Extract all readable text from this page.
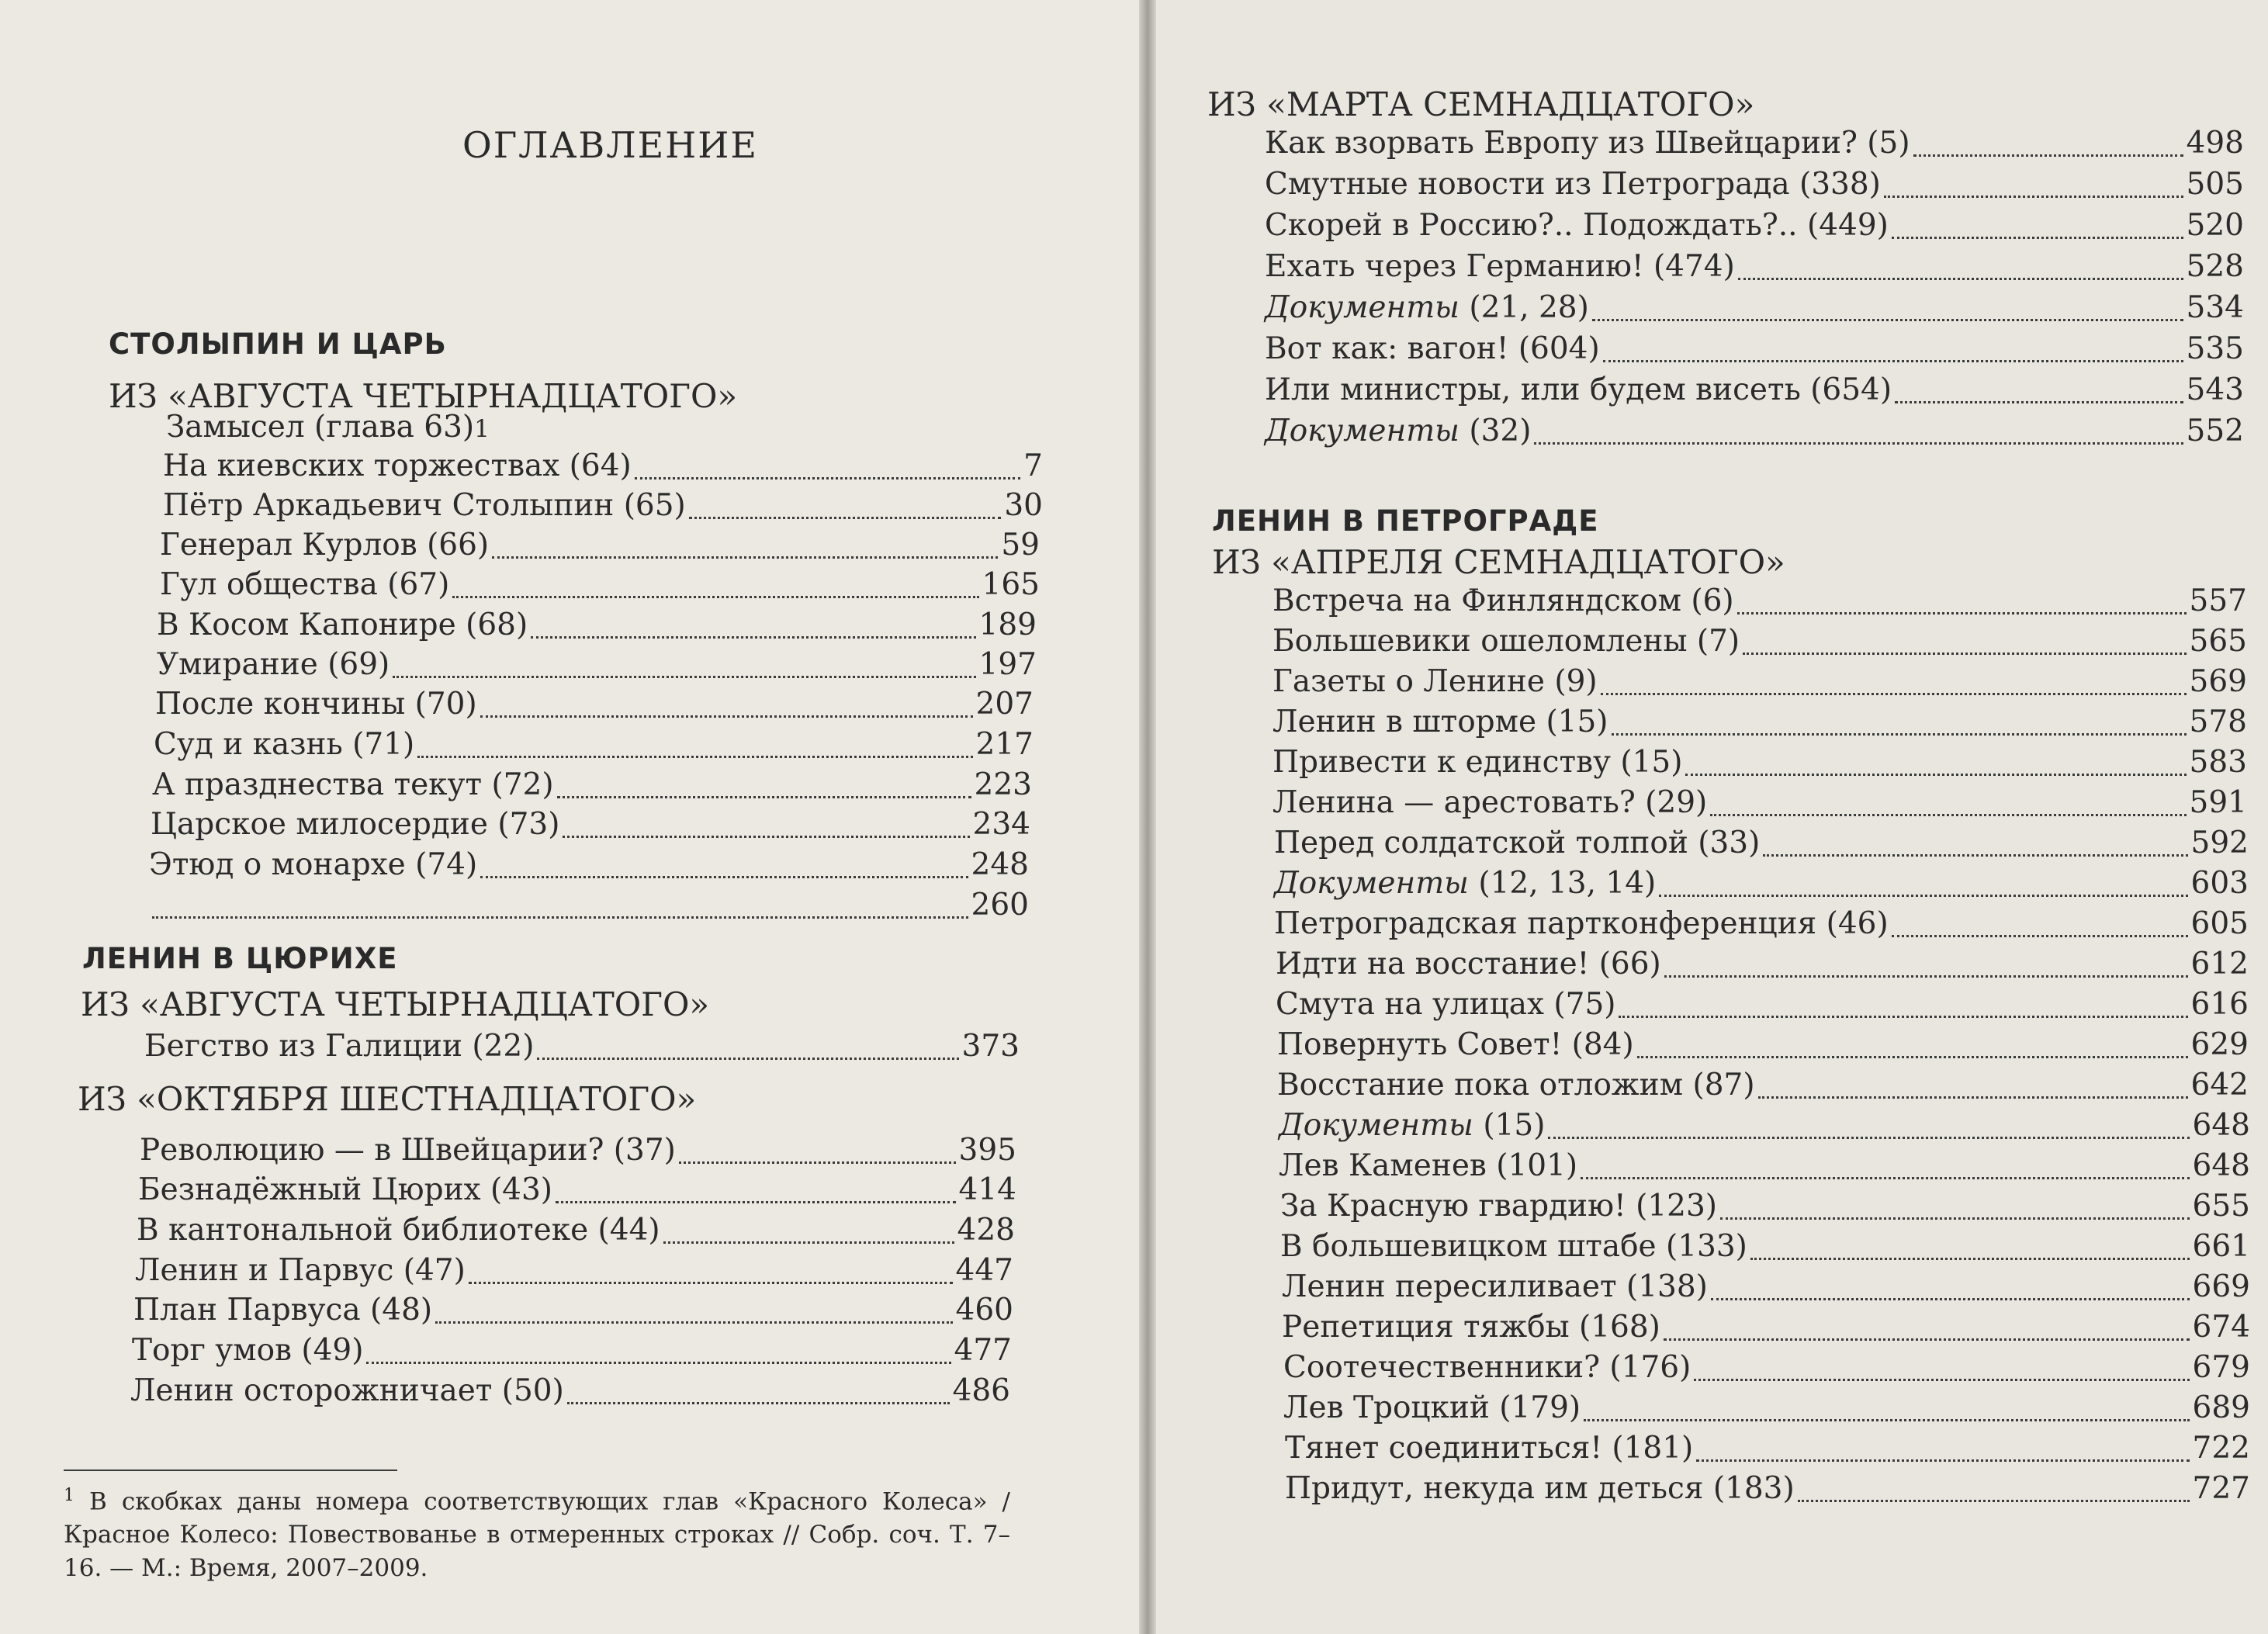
ОГЛАВЛЕНИЕ
СТОЛЫПИН И ЦАРЬ
ИЗ «АВГУСТА ЧЕТЫРНАДЦАТОГО»
Замысел (глава 63) 1
На киевских торжествах (64)	7
Пётр Аркадьевич Столыпин (65)	30
Генерал Курлов (66)	59
Гул общества (67)	165
В Косом Капонире (68)	189
Умирание (69)	197
После кончины (70)	207
Суд и казнь (71)	217
А празднества текут (72)	223
Царское милосердие (73)	234
Этюд о монархе (74)	248
260
ЛЕНИН В ЦЮРИХЕ
ИЗ «АВГУСТА ЧЕТЫРНАДЦАТОГО»
Бегство из Галиции (22)	373
ИЗ «ОКТЯБРЯ ШЕСТНАДЦАТОГО»
Революцию — в Швейцарии? (37)	395
Безнадёжный Цюрих (43)	414
В кантональной библиотеке (44)	428
Ленин и Парвус (47)	447
План Парвуса (48)	460
Торг умов (49)	477
Ленин осторожничает (50)	486
$^1$ В скобках даны номера соответствующих глав «Красного Колеса» / Красное Колесо: Повествованье в отмеренных строках // Собр. соч. Т. 7–16. — М.: Время, 2007–2009.
ИЗ «МАРТА СЕМНАДЦАТОГО»
Как взорвать Европу из Швейцарии? (5)	498
Смутные новости из Петрограда (338)	505
Скорей в Россию?.. Подождать?.. (449)	520
Ехать через Германию! (474)	528
Документы (21, 28)	534
Вот как: вагон! (604)	535
Или министры, или будем висеть (654)	543
Документы (32)	552
ЛЕНИН В ПЕТРОГРАДЕ
ИЗ «АПРЕЛЯ СЕМНАДЦАТОГО»
Встреча на Финляндском (6)	557
Большевики ошеломлены (7)	565
Газеты о Ленине (9)	569
Ленин в шторме (15)	578
Привести к единству (15)	583
Ленина — арестовать? (29)	591
Перед солдатской толпой (33)	592
Документы (12, 13, 14)	603
Петроградская партконференция (46)	605
Идти на восстание! (66)	612
Смута на улицах (75)	616
Повернуть Совет! (84)	629
Восстание пока отложим (87)	642
Документы (15)	648
Лев Каменев (101)	648
За Красную гвардию! (123)	655
В большевицком штабе (133)	661
Ленин пересиливает (138)	669
Репетиция тяжбы (168)	674
Соотечественники? (176)	679
Лев Троцкий (179)	689
Тянет соединиться! (181)	722
Придут, некуда им деться (183)	727
